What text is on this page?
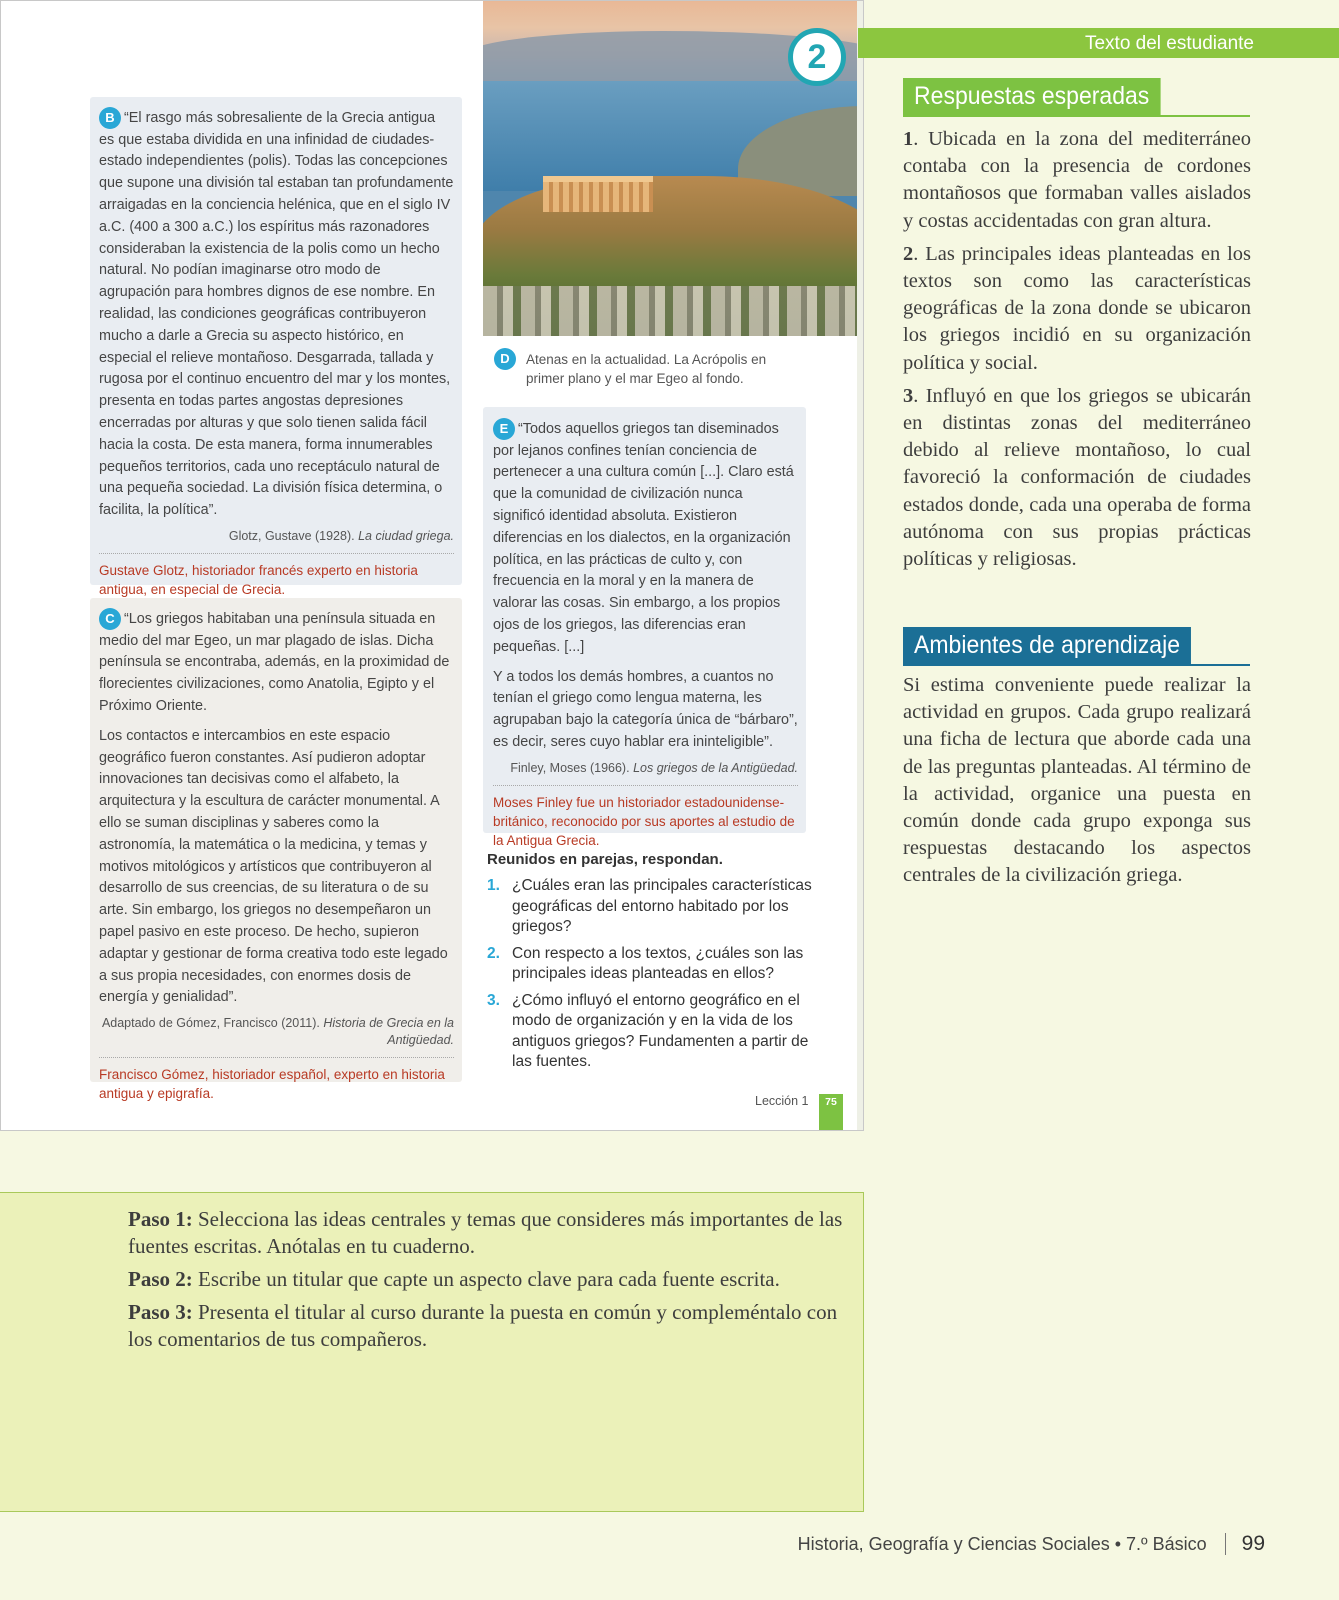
B “El rasgo más sobresaliente de la Grecia antigua es que estaba dividida en una infinidad de ciudades-estado independientes (polis). Todas las concepciones que supone una división tal estaban tan profundamente arraigadas en la conciencia helénica, que en el siglo IV a.C. (400 a 300 a.C.) los espíritus más razonadores consideraban la existencia de la polis como un hecho natural. No podían imaginarse otro modo de agrupación para hombres dignos de ese nombre. En realidad, las condiciones geográficas contribuyeron mucho a darle a Grecia su aspecto histórico, en especial el relieve montañoso. Desgarrada, tallada y rugosa por el continuo encuentro del mar y los montes, presenta en todas partes angostas depresiones encerradas por alturas y que solo tienen salida fácil hacia la costa. De esta manera, forma innumerables pequeños territorios, cada uno receptáculo natural de una pequeña sociedad. La división física determina, o facilita, la política”.
Glotz, Gustave (1928). La ciudad griega.
Gustave Glotz, historiador francés experto en historia antigua, en especial de Grecia.

C “Los griegos habitaban una península situada en medio del mar Egeo, un mar plagado de islas. Dicha península se encontraba, además, en la proximidad de florecientes civilizaciones, como Anatolia, Egipto y el Próximo Oriente.

Los contactos e intercambios en este espacio geográfico fueron constantes. Así pudieron adoptar innovaciones tan decisivas como el alfabeto, la arquitectura y la escultura de carácter monumental. A ello se suman disciplinas y saberes como la astronomía, la matemática o la medicina, y temas y motivos mitológicos y artísticos que contribuyeron al desarrollo de sus creencias, de su literatura o de su arte. Sin embargo, los griegos no desempeñaron un papel pasivo en este proceso. De hecho, supieron adaptar y gestionar de forma creativa todo este legado a sus propia necesidades, con enormes dosis de energía y genialidad”.

Adaptado de Gómez, Francisco (2011). Historia de Grecia en la Antigüedad.
Francisco Gómez, historiador español, experto en historia antigua y epigrafía.
2
D	Atenas en la actualidad. La Acrópolis en primer plano y el mar Egeo al fondo.

E “Todos aquellos griegos tan diseminados por lejanos confines tenían conciencia de pertenecer a una cultura común [...]. Claro está que la comunidad de civilización nunca significó identidad absoluta. Existieron diferencias en los dialectos, en la organización política, en las prácticas de culto y, con frecuencia en la moral y en la manera de valorar las cosas. Sin embargo, a los propios ojos de los griegos, las diferencias eran pequeñas. [...]

Y a todos los demás hombres, a cuantos no tenían el griego como lengua materna, les agrupaban bajo la categoría única de “bárbaro”, es decir, seres cuyo hablar era ininteligible”.

Finley, Moses (1966). Los griegos de la Antigüedad.
Moses Finley fue un historiador estadounidense-británico, reconocido por sus aportes al estudio de la Antigua Grecia.
Reunidos en parejas, respondan.
1. ¿Cuáles eran las principales características geográficas del entorno habitado por los griegos?
2. Con respecto a los textos, ¿cuáles son las principales ideas planteadas en ellos?
3. ¿Cómo influyó el entorno geográfico en el modo de organización y en la vida de los antiguos griegos? Fundamenten a partir de las fuentes.
Lección 1	75
Texto del estudiante
Respuestas esperadas

1. Ubicada en la zona del mediterráneo contaba con la presencia de cordones montañosos que formaban valles aislados y costas accidentadas con gran altura.

2. Las principales ideas planteadas en los textos son como las características geográficas de la zona donde se ubicaron los griegos incidió en su organización política y social.

3. Influyó en que los griegos se ubicarán en distintas zonas del mediterráneo debido al relieve montañoso, lo cual favoreció la conformación de ciudades estados donde, cada una operaba de forma autónoma con sus propias prácticas políticas y religiosas.

Ambientes de aprendizaje
Si estima conveniente puede realizar la actividad en grupos. Cada grupo realizará una ficha de lectura que aborde cada una de las preguntas planteadas. Al término de la actividad, organice una puesta en común donde cada grupo exponga sus respuestas destacando los aspectos centrales de la civilización griega.

Paso 1: Selecciona las ideas centrales y temas que consideres más importantes de las fuentes escritas. Anótalas en tu cuaderno.

Paso 2: Escribe un titular que capte un aspecto clave para cada fuente escrita.

Paso 3: Presenta el titular al curso durante la puesta en común y compleméntalo con los comentarios de tus compañeros.

Historia, Geografía y Ciencias Sociales • 7.º Básico 99
